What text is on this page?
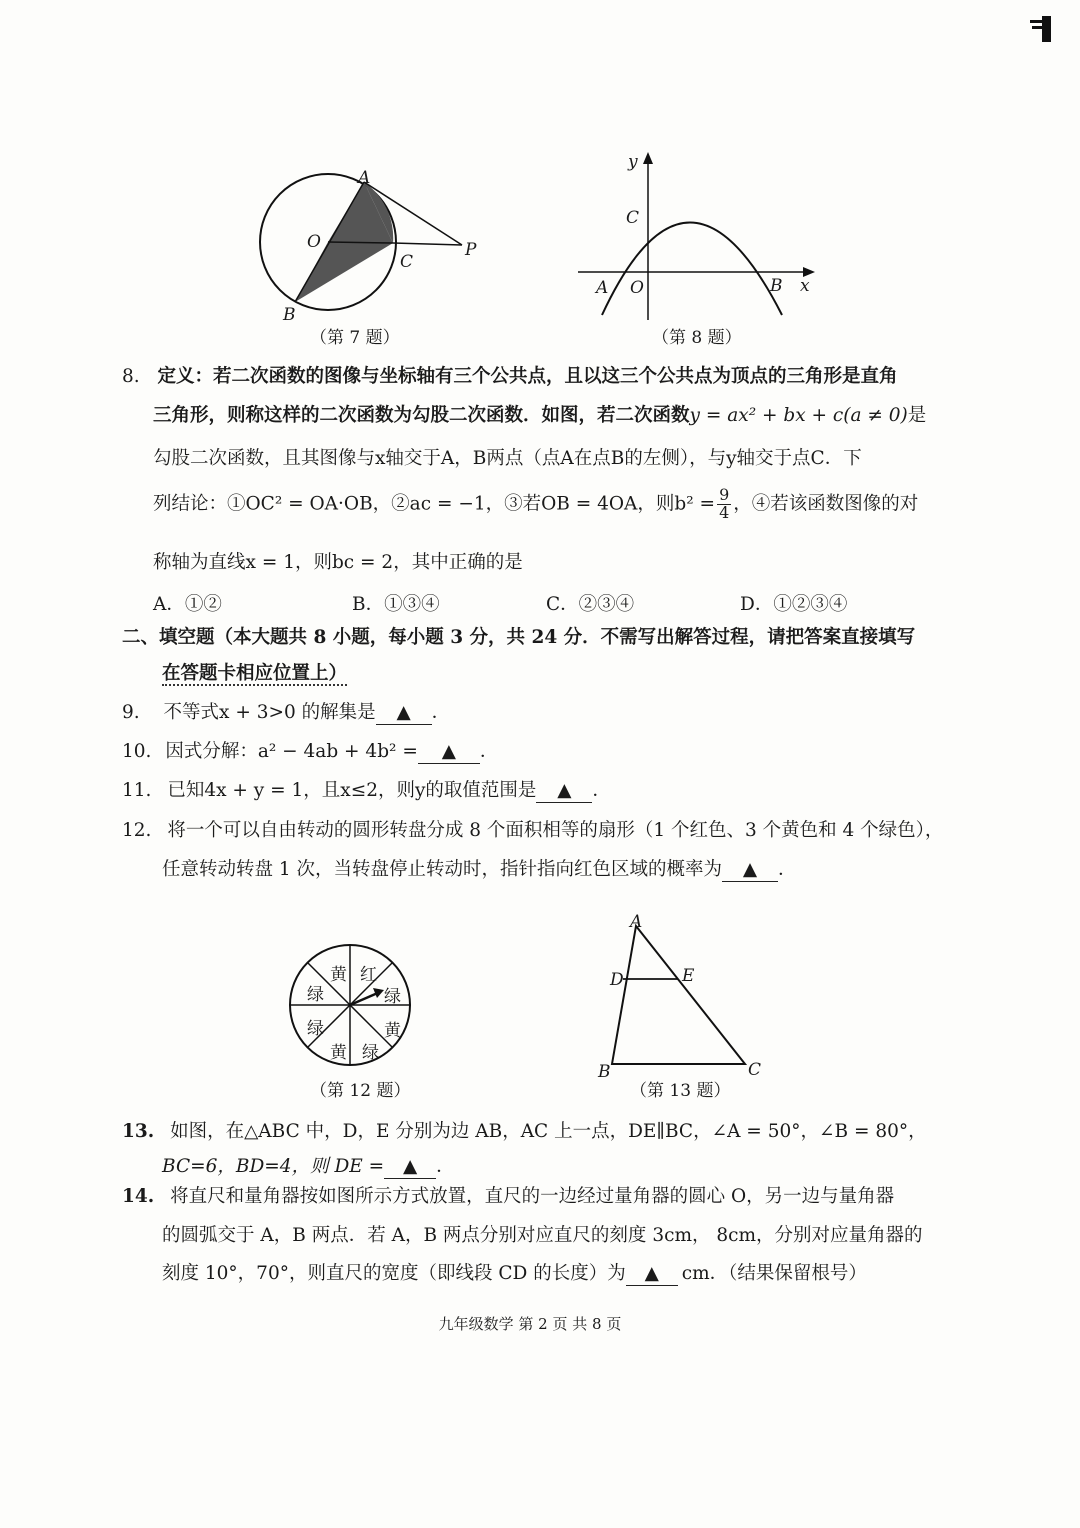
A
O
C
P
B
（第 7 题）
y
C
A O	B x
（第 8 题）
8. 定义：若二次函数的图像与坐标轴有三个公共点，且以这三个公共点为顶点的三角形是直角
三角形，则称这样的二次函数为勾股二次函数．如图，若二次函数y = ax² + bx + c(a ≠ 0)是
勾股二次函数，且其图像与x轴交于A，B两点（点A在点B的左侧），与y轴交于点C．下
列结论：①OC² = OA·OB，②ac = −1，③若OB = 4OA，则$b^2 = \frac{9}{4}$ ，④若该函数图像的对
称轴为直线x = 1，则bc = 2，其中正确的是
A．①②	B．①③④	C．②③④	D．①②③④
二、填空题（本大题共 8 小题，每小题 3 分，共 24 分．不需写出解答过程，请把答案直接填写
在答题卡相应位置上）
9. 不等式x + 3>0 的解集是 ▲ ．
10. 因式分解：a² − 4ab + 4b² = ▲ ．
11. 已知4x + y = 1，且x≤2，则y的取值范围是 ▲ ．
12. 将一个可以自由转动的圆形转盘分成 8 个面积相等的扇形（1 个红色、3 个黄色和 4 个绿色），
任意转动转盘 1 次，当转盘停止转动时，指针指向红色区域的概率为 ▲ ．
黄 红
绿	绿
黄
绿
黄 绿
（第 12 题）
A
D	E
B	C
（第 13 题）
13. 如图，在△ABC 中，D，E 分别为边 AB，AC 上一点，DE∥BC，∠A = 50°，∠B = 80°，
BC=6，BD=4，则 DE = ▲ ．
14. 将直尺和量角器按如图所示方式放置，直尺的一边经过量角器的圆心 O，另一边与量角器
的圆弧交于 A，B 两点．若 A，B 两点分别对应直尺的刻度 3cm， 8cm，分别对应量角器的
刻度 10°，70°，则直尺的宽度（即线段 CD 的长度）为 ▲ cm．（结果保留根号）
九年级数学 第 2 页 共 8 页
